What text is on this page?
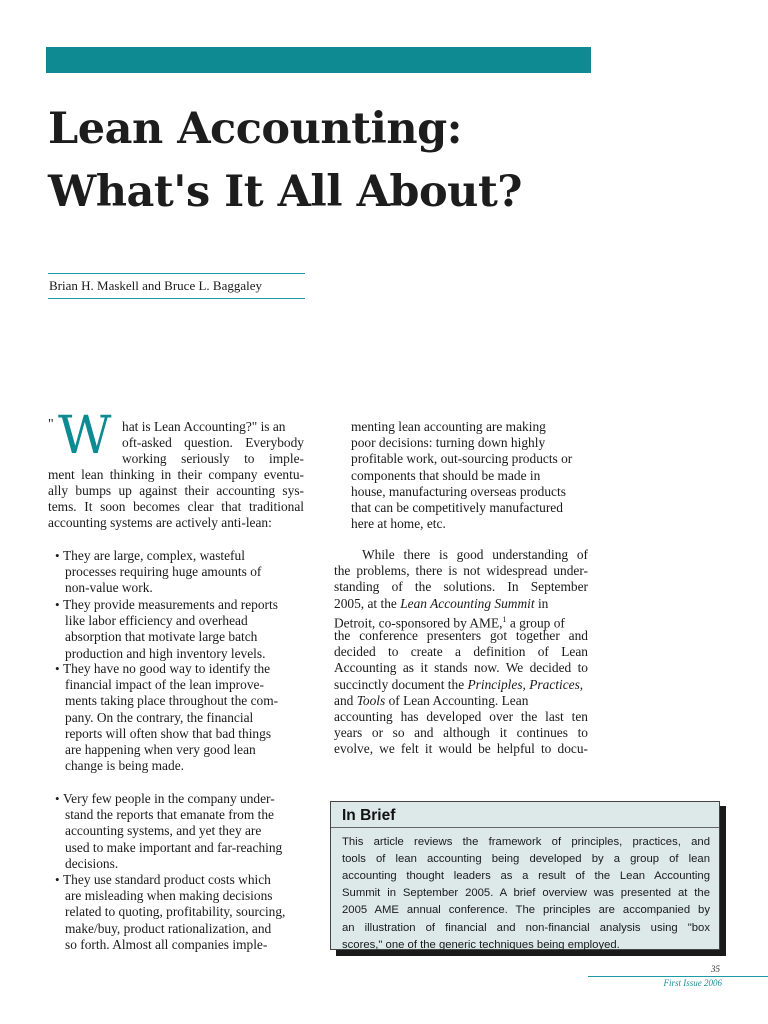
Lean Accounting:
What's It All About?
Brian H. Maskell and Bruce L. Baggaley
" W hat is Lean Accounting?" is an
oft-asked question. Everybody
working seriously to imple-
ment lean thinking in their company eventu-
ally bumps up against their accounting sys-
tems. It soon becomes clear that traditional
accounting systems are actively anti-lean:
• They are large, complex, wasteful
processes requiring huge amounts of
non-value work.
• They provide measurements and reports
like labor efficiency and overhead
absorption that motivate large batch
production and high inventory levels.
• They have no good way to identify the
financial impact of the lean improve-
ments taking place throughout the com-
pany. On the contrary, the financial
reports will often show that bad things
are happening when very good lean
change is being made.
• Very few people in the company under-
stand the reports that emanate from the
accounting systems, and yet they are
used to make important and far-reaching
decisions.
• They use standard product costs which
are misleading when making decisions
related to quoting, profitability, sourcing,
make/buy, product rationalization, and
so forth. Almost all companies imple-
menting lean accounting are making
poor decisions: turning down highly
profitable work, out-sourcing products or
components that should be made in
house, manufacturing overseas products
that can be competitively manufactured
here at home, etc.
While there is good understanding of
the problems, there is not widespread under-
standing of the solutions. In September
2005, at the Lean Accounting Summit in
Detroit, co-sponsored by AME,$^1$ a group of
the conference presenters got together and
decided to create a definition of Lean
Accounting as it stands now. We decided to
succinctly document the Principles, Practices,
and Tools of Lean Accounting. Lean
accounting has developed over the last ten
years or so and although it continues to
evolve, we felt it would be helpful to docu-
In Brief
This article reviews the framework of principles, practices, and
tools of lean accounting being developed by a group of lean
accounting thought leaders as a result of the Lean Accounting
Summit in September 2005. A brief overview was presented at the
2005 AME annual conference. The principles are accompanied by
an illustration of financial and non-financial analysis using "box
scores," one of the generic techniques being employed.
35
First Issue 2006
